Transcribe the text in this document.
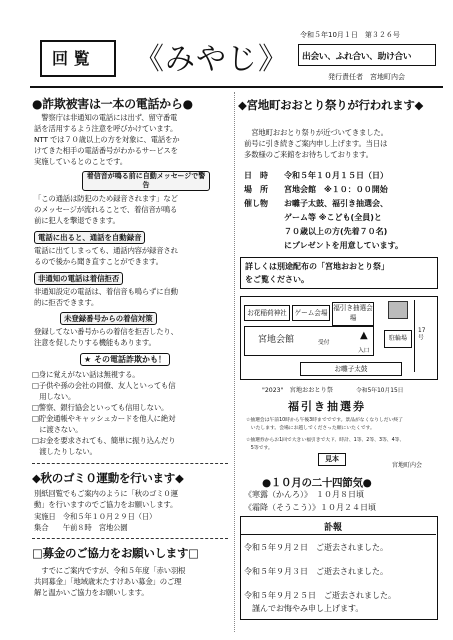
回 覧 《みやじ》
令和５年10月１日　第３２６号
出会い、ふれ合い、助け合い
発行責任者　宮地町内会
●詐欺被害は一本の電話から●
　警察庁は非通知の電話には出ず、留守番電
話を活用するよう注意を呼びかけています。
NTT では７０歳以上の方を対象に、電話をか
けてきた相手の電話番号がわかるサービスを
実施しているとのことです。
着信音が鳴る前に自動メッセージで警告
「この通話は防犯のため録音されます」など
のメッセージが流れることで、着信音が鳴る
前に犯人を撃退できます。
電話に出ると、通話を自動録音
電話に出てしまっても、通話内容が録音され
るので後から聞き直すことができます。
非通知の電話は着信拒否
非通知設定の電話は、着信音も鳴らずに自動
的に拒否できます。
未登録番号からの着信対策
登録してない番号からの着信を拒否したり、
注意を促したりする機能もあります。
★ その電話詐欺かも！
□身に覚えがない話は無視する。
□子供や孫の会社の同僚、友人といっても信
　用しない。
□警察、銀行協会といっても信用しない。
□貯金通帳やキャッシュカードを他人に絶対
　に渡さない。
□お金を要求されても、簡単に振り込んだり
　渡したりしない。
◆秋のゴミ０運動を行います◆
別紙回覧でもご案内のように「秋のゴミ０運
動」を行いますのでご協力をお願いします。
実施日　令和５年１０月２９日（日）
集合　　午前８時　宮地公園
□募金のご協力をお願いします□
　すでにご案内ですが、令和５年度「赤い羽根
共同募金」「地域歳末たすけあい募金」のご理
解と温かいご協力をお願いします。
◆宮地町おおとり祭りが行われます◆
　宮地町おおとり祭りが近づいてきました。
前号に引き続きご案内申し上げます。当日は
多数様のご来館をお待ちしております。
日　時 令和５年１０月１５日（日）
場　所 宮地会館　※１０：００開始
催し物 お囃子太鼓、福引き抽選会、
ゲーム等 ※こども(全員)と
７０歳以上の方(先着７０名)
にプレゼントを用意しています。
詳しくは別途配布の「宮地おおとり祭」
をご覧ください。
お花稲荷神社	ゲーム会場
福引き抽選会場
宮地会館	受付
入口
▲	駐輪場
17号
お囃子太鼓
"2023"　宮地おおとり祭	令和5年10月15日
福引き抽選券
☆抽選会は午前10時から午後3時まででです。景品がなくなりしだい終了
　いたします。会場にお越しでくださった順にいたくです。
☆抽選券からお1回で大きい福引きで大ド、時計、1等、2等、3等、4等、
　5等です。
見本
宮地町内会
●１０月の二十四節気●
《寒露（かんろ）》　１０月８日頃
《霜降（そうこう）》１０月２４日頃
訃報
令和５年９月２日　ご逝去されました。
令和５年９月３日　ご逝去されました。
令和５年９月２５日　ご逝去されました。
　謹んでお悔やみ申し上げます。
